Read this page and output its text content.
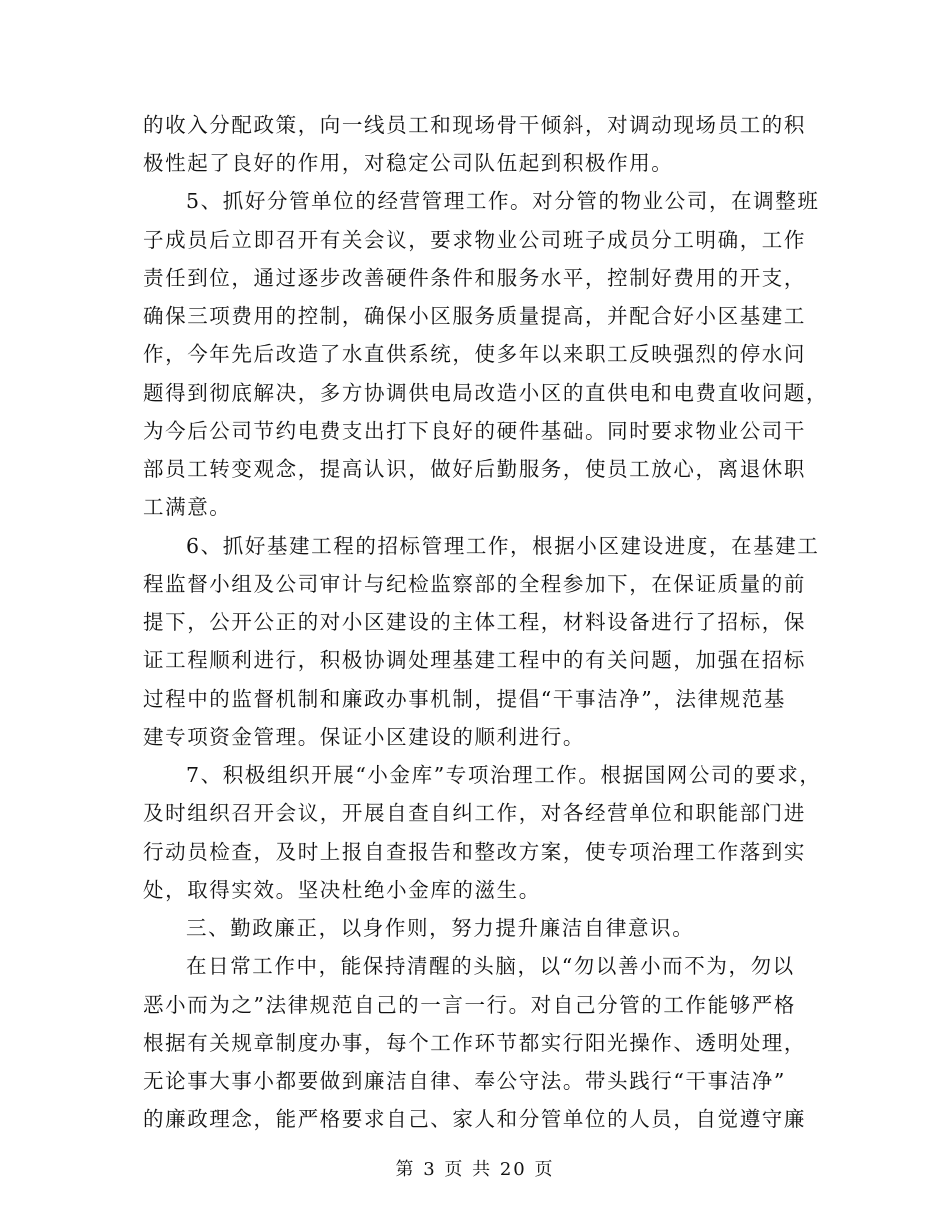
的收入分配政策，向一线员工和现场骨干倾斜，对调动现场员工的积
极性起了良好的作用，对稳定公司队伍起到积极作用。
5、抓好分管单位的经营管理工作。对分管的物业公司，在调整班
子成员后立即召开有关会议，要求物业公司班子成员分工明确，工作
责任到位，通过逐步改善硬件条件和服务水平，控制好费用的开支，
确保三项费用的控制，确保小区服务质量提高，并配合好小区基建工
作，今年先后改造了水直供系统，使多年以来职工反映强烈的停水问
题得到彻底解决，多方协调供电局改造小区的直供电和电费直收问题，
为今后公司节约电费支出打下良好的硬件基础。同时要求物业公司干
部员工转变观念，提高认识，做好后勤服务，使员工放心，离退休职
工满意。
6、抓好基建工程的招标管理工作，根据小区建设进度，在基建工
程监督小组及公司审计与纪检监察部的全程参加下，在保证质量的前
提下，公开公正的对小区建设的主体工程，材料设备进行了招标，保
证工程顺利进行，积极协调处理基建工程中的有关问题，加强在招标
过程中的监督机制和廉政办事机制，提倡“干事洁净”，法律规范基
建专项资金管理。保证小区建设的顺利进行。
7、积极组织开展“小金库”专项治理工作。根据国网公司的要求，
及时组织召开会议，开展自查自纠工作，对各经营单位和职能部门进
行动员检查，及时上报自查报告和整改方案，使专项治理工作落到实
处，取得实效。坚决杜绝小金库的滋生。
三、勤政廉正，以身作则，努力提升廉洁自律意识。
在日常工作中，能保持清醒的头脑，以“勿以善小而不为，勿以
恶小而为之”法律规范自己的一言一行。对自己分管的工作能够严格
根据有关规章制度办事，每个工作环节都实行阳光操作、透明处理，
无论事大事小都要做到廉洁自律、奉公守法。带头践行“干事洁净”
的廉政理念，能严格要求自己、家人和分管单位的人员，自觉遵守廉
第 3 页 共 20 页
